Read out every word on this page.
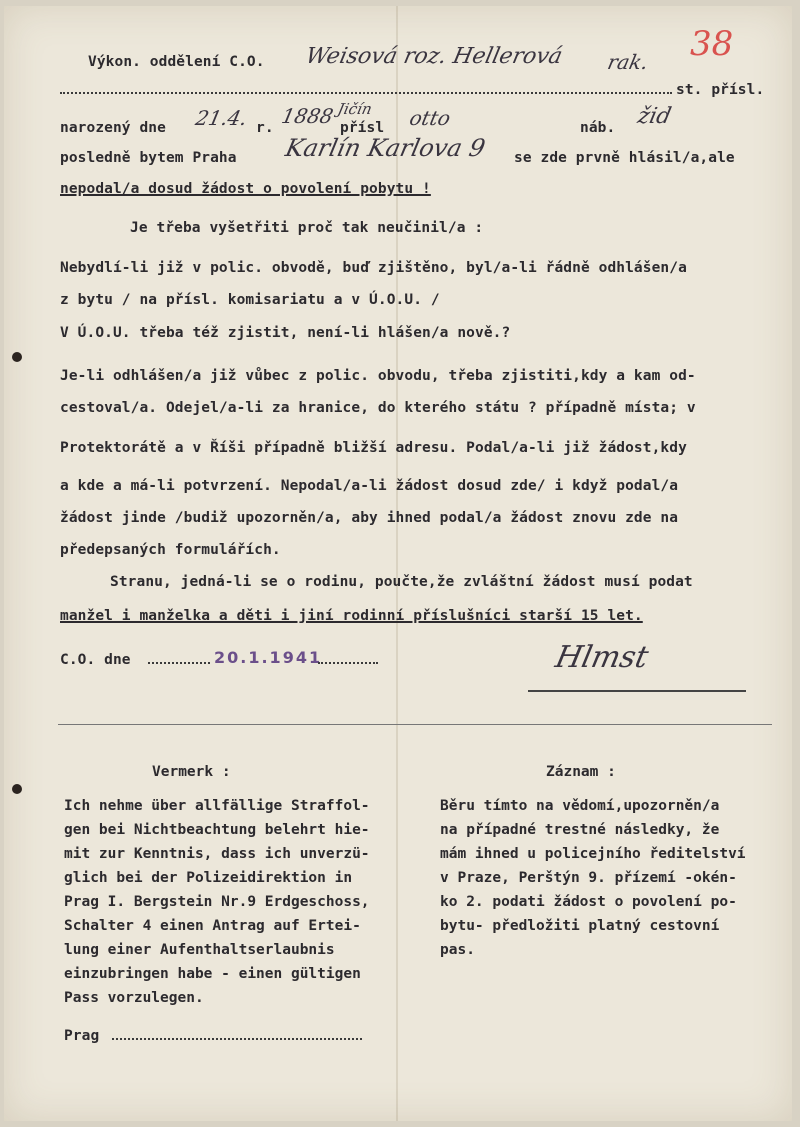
38
Výkon. oddělení C.O. Weisová roz. Hellerová rak.
st. přísl.
narozený dne 21.4. r. 1888 Jičín
přísl otto	náb. žid
posledně bytem Praha Karlín Karlova 9 se zde prvně hlásil/a,ale
nepodal/a dosud žádost o povolení pobytu !
Je třeba vyšetřiti proč tak neučinil/a :
Nebydlí-li již v polic. obvodě, buď zjištěno, byl/a-li řádně odhlášen/a
z bytu / na přísl. komisariatu a v Ú.O.U. /
V Ú.O.U. třeba též zjistit, není-li hlášen/a nově.?
Je-li odhlášen/a již vůbec z polic. obvodu, třeba zjistiti,kdy a kam od-
cestoval/a. Odejel/a-li za hranice, do kterého státu ? případně místa; v
Protektorátě a v Říši případně bližší adresu. Podal/a-li již žádost,kdy
a kde a má-li potvrzení. Nepodal/a-li žádost dosud zde/ i když podal/a
žádost jinde /budiž upozorněn/a, aby ihned podal/a žádost znovu zde na
předepsaných formulářích.
Stranu, jedná-li se o rodinu, poučte,že zvláštní žádost musí podat
manžel i manželka a děti i jiní rodinní příslušníci starší 15 let.
C.O. dne	20.1.1941	Hlmst
Vermerk :
Ich nehme über allfällige Straffol-
gen bei Nichtbeachtung belehrt hie-
mit zur Kenntnis, dass ich unverzü-
glich bei der Polizeidirektion in
Prag I. Bergstein Nr.9 Erdgeschoss,
Schalter 4 einen Antrag auf Ertei-
lung einer Aufenthaltserlaubnis
einzubringen habe - einen gültigen
Pass vorzulegen.
Záznam :
Běru tímto na vědomí,upozorněn/a
na případné trestné následky, že
mám ihned u policejního ředitelství
v Praze, Perštýn 9. přízemí -okén-
ko 2. podati žádost o povolení po-
bytu- předložiti platný cestovní
pas.
Prag
